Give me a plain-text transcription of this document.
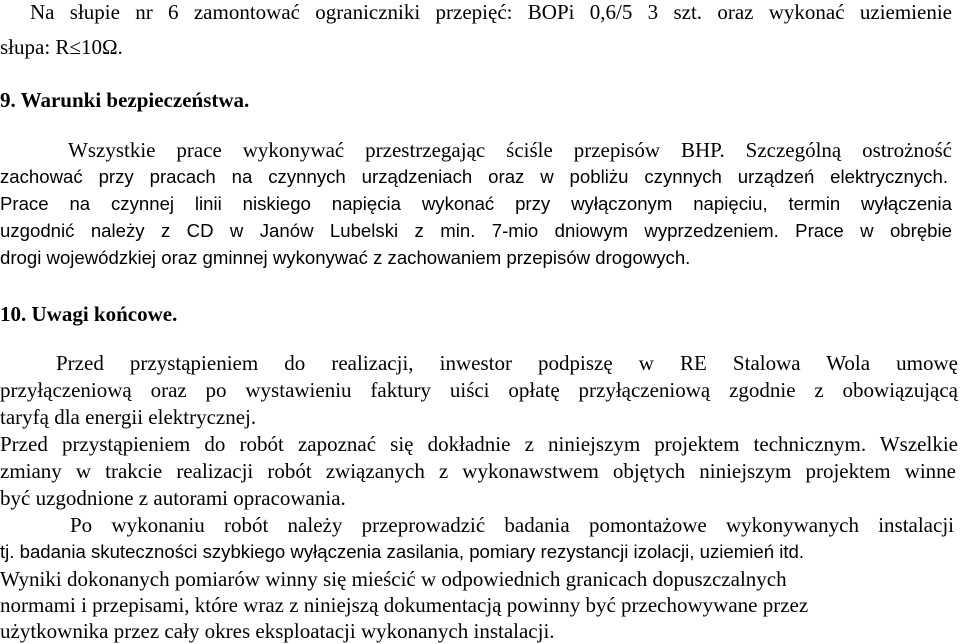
Na słupie nr 6 zamontować ograniczniki przepięć: BOPi 0,6/5 3 szt. oraz wykonać uziemienie

słupa: R≤10Ω.

9. Warunki bezpieczeństwa.

Wszystkie prace wykonywać przestrzegając ściśle przepisów BHP. Szczególną ostrożność

zachować przy pracach na czynnych urządzeniach oraz w pobliżu czynnych urządzeń elektrycznych.

Prace na czynnej linii niskiego napięcia wykonać przy wyłączonym napięciu, termin wyłączenia

uzgodnić należy z CD w Janów Lubelski z min. 7-mio dniowym wyprzedzeniem. Prace w obrębie

drogi wojewódzkiej oraz gminnej wykonywać z zachowaniem przepisów drogowych.

10. Uwagi końcowe.

Przed przystąpieniem do realizacji, inwestor podpiszę w RE Stalowa Wola umowę

przyłączeniową oraz po wystawieniu faktury uiści opłatę przyłączeniową zgodnie z obowiązującą

taryfą dla energii elektrycznej.

Przed przystąpieniem do robót zapoznać się dokładnie z niniejszym projektem technicznym. Wszelkie

zmiany w trakcie realizacji robót związanych z wykonawstwem objętych niniejszym projektem winne

być uzgodnione z autorami opracowania.

Po wykonaniu robót należy przeprowadzić badania pomontażowe wykonywanych instalacji

tj. badania skuteczności szybkiego wyłączenia zasilania, pomiary rezystancji izolacji, uziemień itd.

Wyniki dokonanych pomiarów winny się mieścić w odpowiednich granicach dopuszczalnych

normami i przepisami, które wraz z niniejszą dokumentacją powinny być przechowywane przez

użytkownika przez cały okres eksploatacji wykonanych instalacji.
